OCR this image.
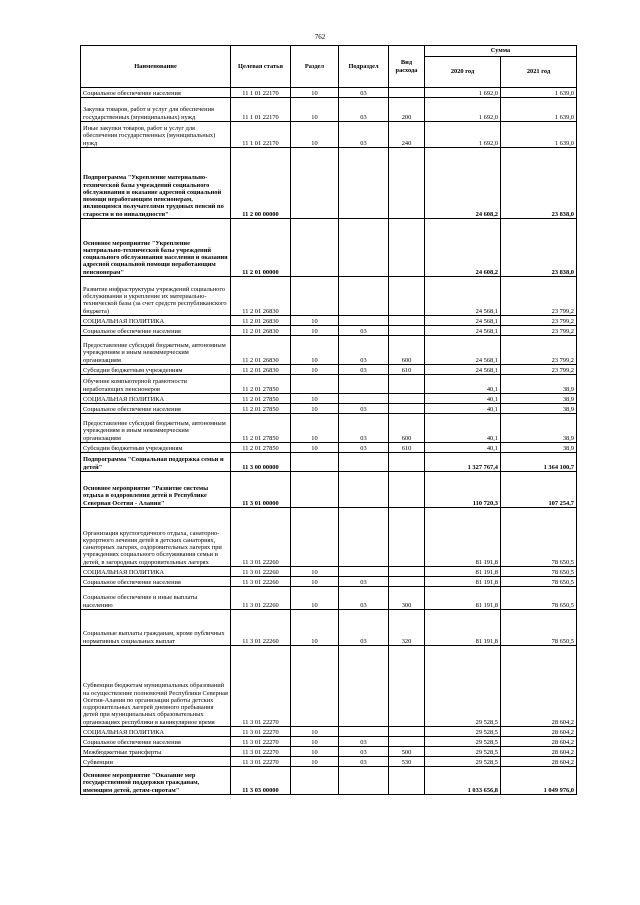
762
Наименование	Целевая статья	Раздел	Подраздел	Вид расхода	Сумма	
					2020 год	2021 год
Социальное обеспечение населения	11 1 01 22170	10	03		1 692,0	1 639,0
Закупка товаров, работ и услуг для обеспечения государственных (муниципальных) нужд	11 1 01 22170	10	03	200	1 692,0	1 639,0
Иные закупки товаров, работ и услуг для обеспечения государственных (муниципальных) нужд	11 1 01 22170	10	03	240	1 692,0	1 639,0
Подпрограмма "Укрепление материально-технической базы учреждений социального обслуживания и оказание адресной социальной помощи неработающим пенсионерам, являющимся получателями трудовых пенсий по старости и по инвалидности"	11 2 00 00000				24 608,2	23 838,0
Основное мероприятие "Укрепление материально-технической базы учреждений социального обслуживания населения и оказания адресной социальной помощи неработающим пенсионерам"	11 2 01 00000				24 608,2	23 838,0
Развитие инфраструктуры учреждений социального обслуживания и укрепление их материально-технической базы (за счет средств республиканского бюджета)	11 2 01 26830				24 568,1	23 799,2
СОЦИАЛЬНАЯ ПОЛИТИКА	11 2 01 26830	10			24 568,1	23 799,2
Социальное обеспечение населения	11 2 01 26830	10	03		24 568,1	23 799,2
Предоставление субсидий бюджетным, автономным учреждениям и иным некоммерческим организациям	11 2 01 26830	10	03	600	24 568,1	23 799,2
Субсидии бюджетным учреждениям	11 2 01 26830	10	03	610	24 568,1	23 799,2
Обучение компьютерной грамотности неработающих пенсионеров	11 2 01 27850				40,1	38,9
СОЦИАЛЬНАЯ ПОЛИТИКА	11 2 01 27850	10			40,1	38,9
Социальное обеспечение населения	11 2 01 27850	10	03		40,1	38,9
Предоставление субсидий бюджетным, автономным учреждениям и иным некоммерческим организациям	11 2 01 27850	10	03	600	40,1	38,9
Субсидии бюджетным учреждениям	11 2 01 27850	10	03	610	40,1	38,9
Подпрограмма "Социальная поддержка семьи и детей"	11 3 00 00000				1 327 767,4	1 364 100,7
Основное мероприятие "Развитие системы отдыха и оздоровления детей в Республике Северная Осетия - Алания"	11 3 01 00000				110 720,3	107 254,7
Организация круглогодичного отдыха, санаторно-курортного лечения детей в детских санаториях, санаторных лагерях, оздоровительных лагерях при учреждениях социального обслуживания семьи и детей, в загородных оздоровительных лагерях	11 3 01 22260				81 191,8	78 650,5
СОЦИАЛЬНАЯ ПОЛИТИКА	11 3 01 22260	10			81 191,8	78 650,5
Социальное обеспечение населения	11 3 01 22260	10	03		81 191,8	78 650,5
Социальное обеспечение и иные выплаты населению	11 3 01 22260	10	03	300	81 191,8	78 650,5
Социальные выплаты гражданам, кроме публичных нормативных социальных выплат	11 3 01 22260	10	03	320	81 191,8	78 650,5
Субвенции бюджетам муниципальных образований на осуществление полномочий Республики Северная Осетия-Алания по организации работы детских оздоровительных лагерей дневного пребывания детей при муниципальных образовательных организациях республики в каникулярное время	11 3 01 22270				29 528,5	28 604,2
СОЦИАЛЬНАЯ ПОЛИТИКА	11 3 01 22270	10			29 528,5	28 604,2
Социальное обеспечение населения	11 3 01 22270	10	03		29 528,5	28 604,2
Межбюджетные трансферты	11 3 01 22270	10	03	500	29 528,5	28 604,2
Субвенции	11 3 01 22270	10	03	530	29 528,5	28 604,2
Основное мероприятие "Оказание мер государственной поддержки гражданам, имеющим детей, детям-сиротам"	11 3 03 00000				1 033 656,8	1 049 976,0
